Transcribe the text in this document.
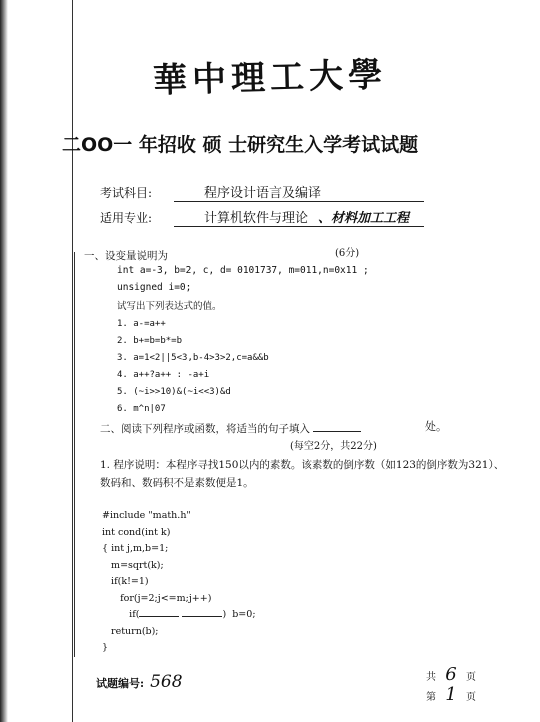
華中理工大學
二OO一 年招收 硕 士研究生入学考试试题
考试科目:	程序设计语言及编译
适用专业:	计算机软件与理论 、材料加工工程
一、设变量说明为	(6分)
int a=-3, b=2, c, d= 0101737, m=011,n=0x11 ;
unsigned i=0;
试写出下列表达式的值。
1. a-=a++
2. b+=b=b*=b
3. a=1<2||5<3,b-4>3>2,c=a&&b
4. a++?a++ : -a+i
5. (~i>>10)&(~i<<3)&d
6. m^n|07
二、阅读下列程序或函数，将适当的句子填入	处。
(每空2分，共22分)
1. 程序说明：本程序寻找150以内的素数。该素数的倒序数（如123的倒序数为321）、数码和、数码积不是素数便是1。
#include "math.h"
int cond(int k)
{ int j,m,b=1;
m=sqrt(k);
if(k!=1)
for(j=2;j<=m;j++)
if(	)  b=0;
return(b);
}
试题编号: 568	共 6 页
第 1 页
